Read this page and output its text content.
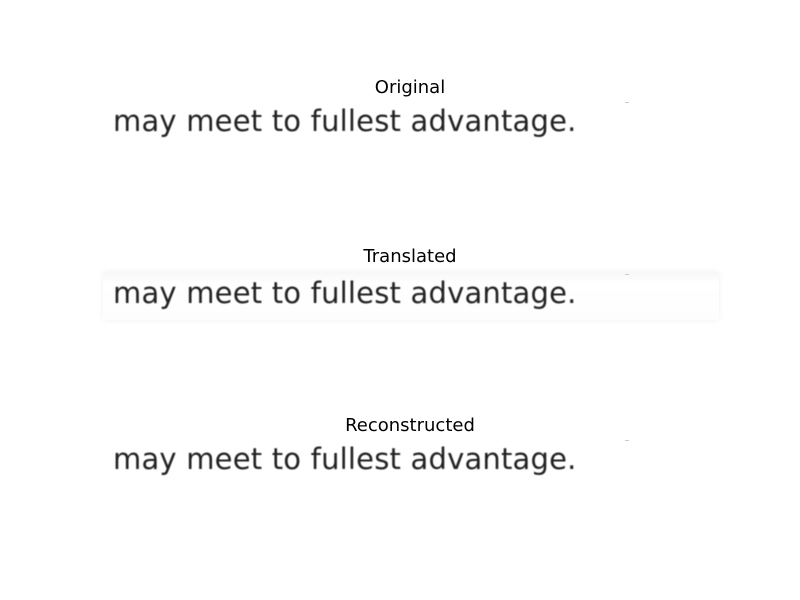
Original
may meet to fullest advantage.
Translated
may meet to fullest advantage.
Reconstructed
may meet to fullest advantage.
